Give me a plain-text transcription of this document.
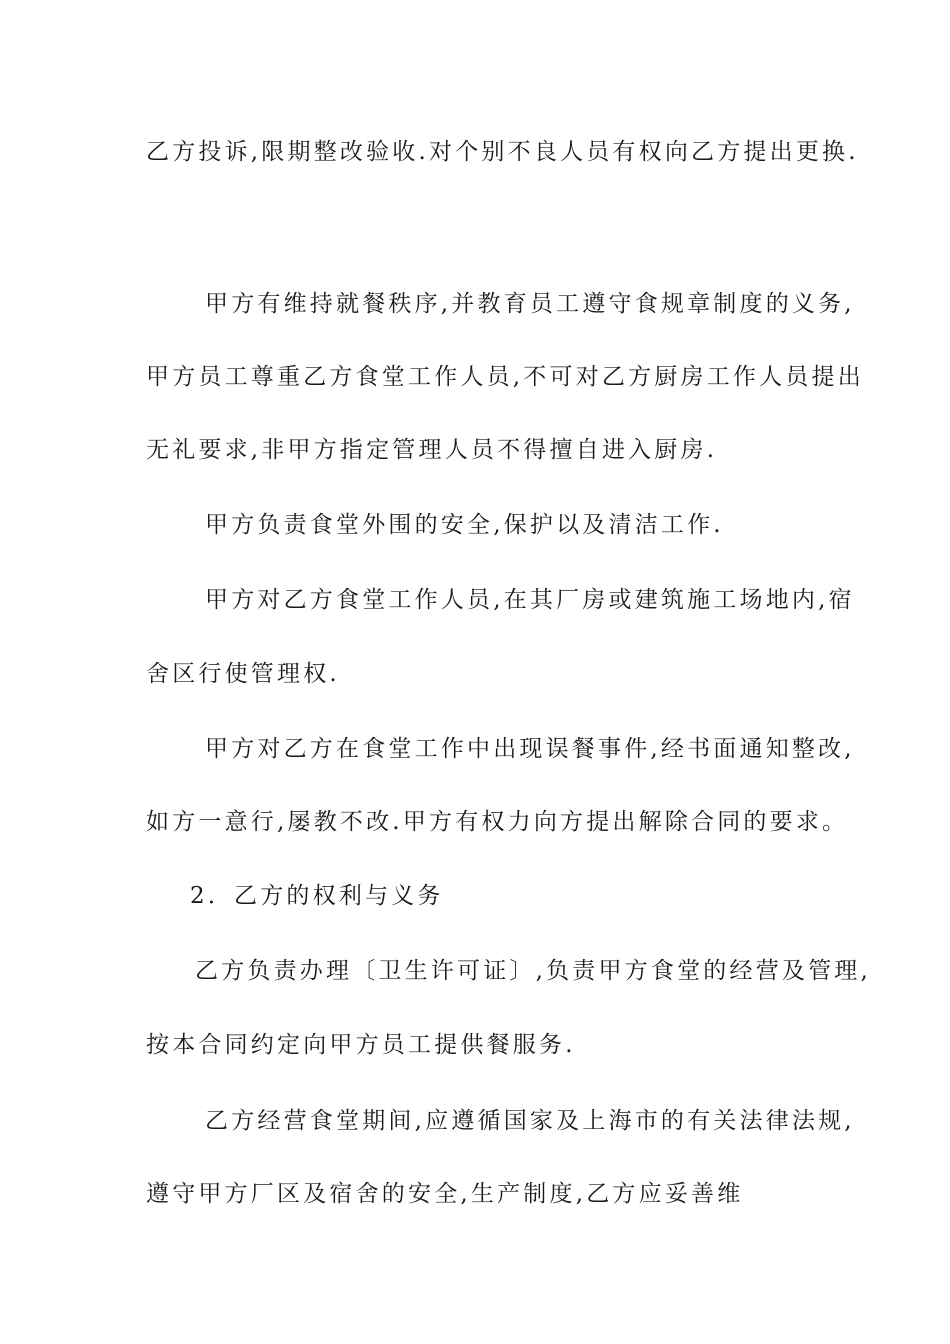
乙方投诉,限期整改验收.对个别不良人员有权向乙方提出更换.
甲方有维持就餐秩序,并教育员工遵守食规章制度的义务,
甲方员工尊重乙方食堂工作人员,不可对乙方厨房工作人员提出
无礼要求,非甲方指定管理人员不得擅自进入厨房.
甲方负责食堂外围的安全,保护以及清洁工作.
甲方对乙方食堂工作人员,在其厂房或建筑施工场地内,宿
舍区行使管理权.
甲方对乙方在食堂工作中出现误餐事件,经书面通知整改,
如方一意行,屡教不改.甲方有权力向方提出解除合同的要求。
2．乙方的权利与义务
乙方负责办理〔卫生许可证〕,负责甲方食堂的经营及管理,
按本合同约定向甲方员工提供餐服务.
乙方经营食堂期间,应遵循国家及上海市的有关法律法规,
遵守甲方厂区及宿舍的安全,生产制度,乙方应妥善维
